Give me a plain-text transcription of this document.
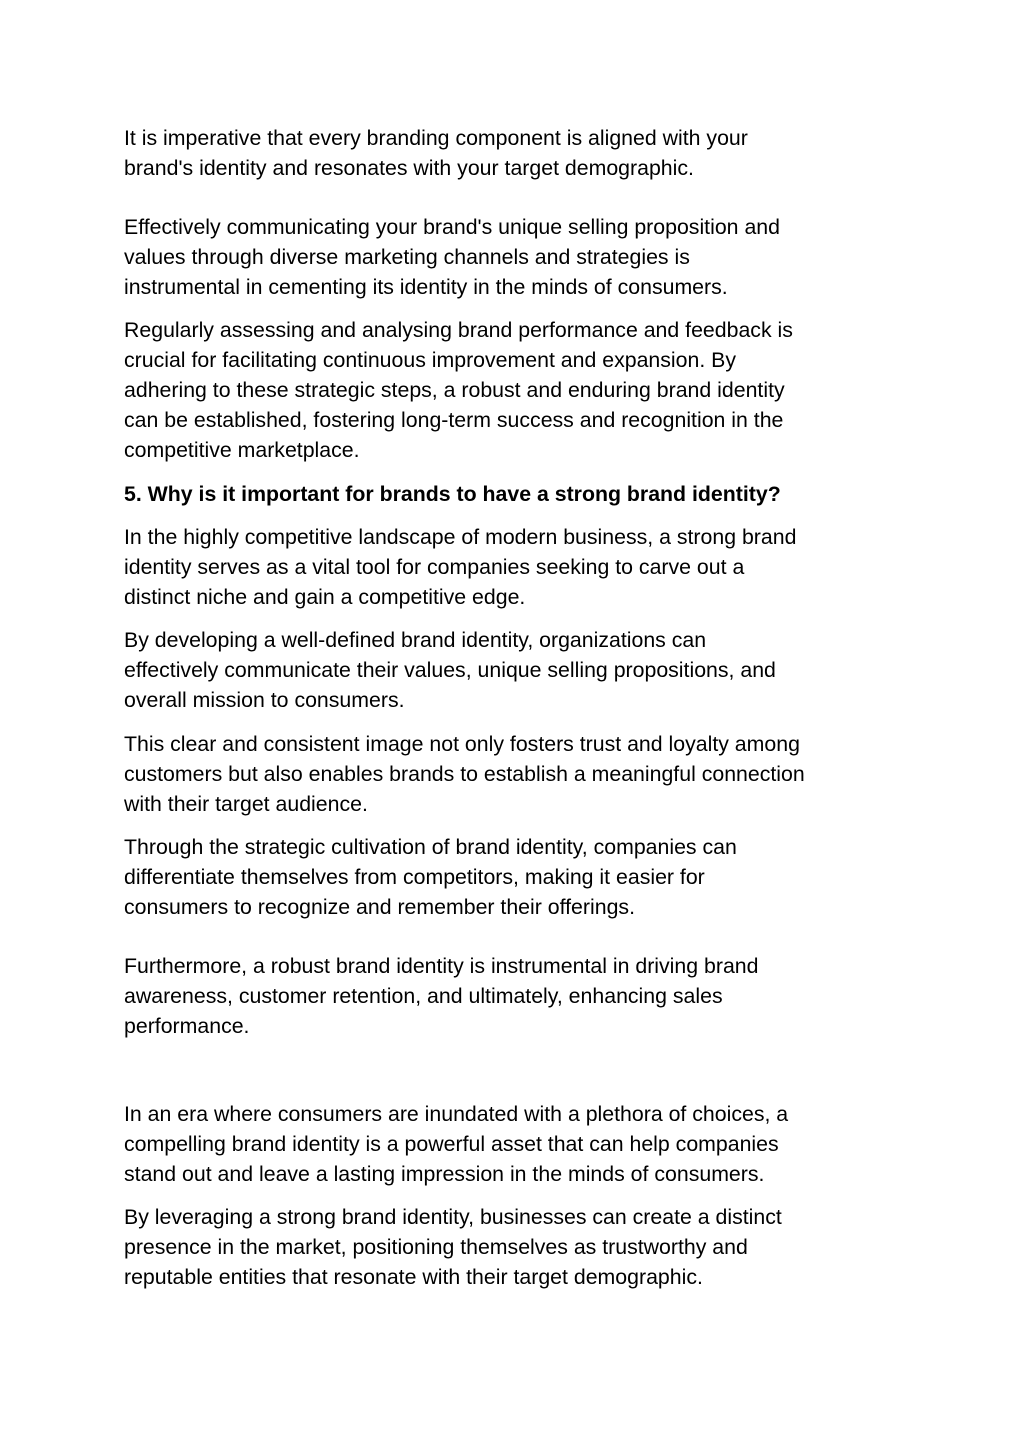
It is imperative that every branding component is aligned with your
brand's identity and resonates with your target demographic.

Effectively communicating your brand's unique selling proposition and
values through diverse marketing channels and strategies is
instrumental in cementing its identity in the minds of consumers.

Regularly assessing and analysing brand performance and feedback is
crucial for facilitating continuous improvement and expansion. By
adhering to these strategic steps, a robust and enduring brand identity
can be established, fostering long-term success and recognition in the
competitive marketplace.

5. Why is it important for brands to have a strong brand identity?

In the highly competitive landscape of modern business, a strong brand
identity serves as a vital tool for companies seeking to carve out a
distinct niche and gain a competitive edge.

By developing a well-defined brand identity, organizations can
effectively communicate their values, unique selling propositions, and
overall mission to consumers.

This clear and consistent image not only fosters trust and loyalty among
customers but also enables brands to establish a meaningful connection
with their target audience.

Through the strategic cultivation of brand identity, companies can
differentiate themselves from competitors, making it easier for
consumers to recognize and remember their offerings.

Furthermore, a robust brand identity is instrumental in driving brand
awareness, customer retention, and ultimately, enhancing sales
performance.

In an era where consumers are inundated with a plethora of choices, a
compelling brand identity is a powerful asset that can help companies
stand out and leave a lasting impression in the minds of consumers.

By leveraging a strong brand identity, businesses can create a distinct
presence in the market, positioning themselves as trustworthy and
reputable entities that resonate with their target demographic.
